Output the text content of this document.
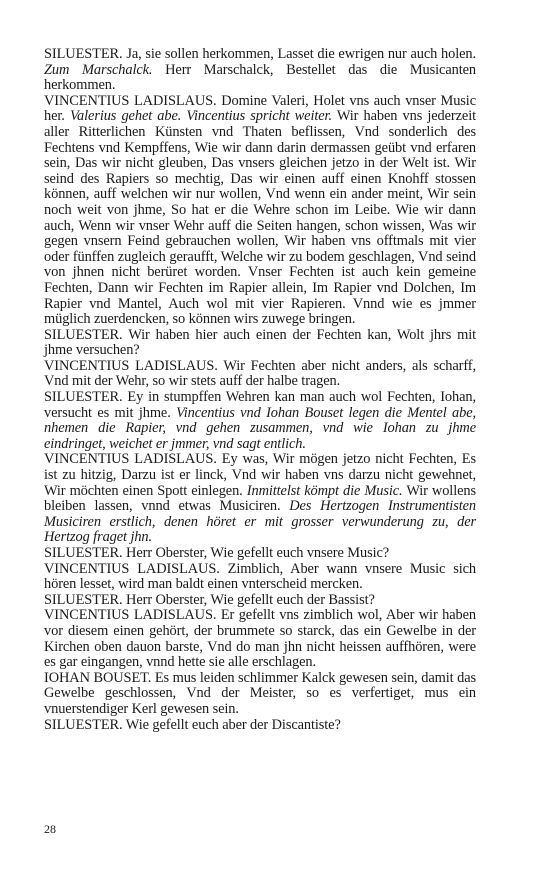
SILUESTER. Ja, sie sollen herkommen, Lasset die ewrigen nur auch holen. Zum Marschalck. Herr Marschalck, Bestellet das die Musicanten herkommen.

VINCENTIUS LADISLAUS. Domine Valeri, Holet vns auch vnser Music her. Valerius gehet abe. Vincentius spricht weiter. Wir haben vns jederzeit aller Ritterlichen Künsten vnd Thaten beflissen, Vnd sonderlich des Fechtens vnd Kempffens, Wie wir dann darin dermassen geübt vnd erfaren sein, Das wir nicht gleuben, Das vnsers gleichen jetzo in der Welt ist. Wir seind des Rapiers so mechtig, Das wir einen auff einen Knohff stossen können, auff welchen wir nur wollen, Vnd wenn ein ander meint, Wir sein noch weit von jhme, So hat er die Wehre schon im Leibe. Wie wir dann auch, Wenn wir vnser Wehr auff die Seiten hangen, schon wissen, Was wir gegen vnsern Feind gebrauchen wollen, Wir haben vns offtmals mit vier oder fünffen zugleich geraufft, Welche wir zu bodem geschlagen, Vnd seind von jhnen nicht berüret worden. Vnser Fechten ist auch kein gemeine Fechten, Dann wir Fechten im Rapier allein, Im Rapier vnd Dolchen, Im Rapier vnd Mantel, Auch wol mit vier Rapieren. Vnnd wie es jmmer müglich zuerdencken, so können wirs zuwege bringen.

SILUESTER. Wir haben hier auch einen der Fechten kan, Wolt jhrs mit jhme versuchen?

VINCENTIUS LADISLAUS. Wir Fechten aber nicht anders, als scharff, Vnd mit der Wehr, so wir stets auff der halbe tragen.

SILUESTER. Ey in stumpffen Wehren kan man auch wol Fechten, Iohan, versucht es mit jhme. Vincentius vnd Iohan Bouset legen die Mentel abe, nhemen die Rapier, vnd gehen zusammen, vnd wie Iohan zu jhme eindringet, weichet er jmmer, vnd sagt entlich.

VINCENTIUS LADISLAUS. Ey was, Wir mögen jetzo nicht Fechten, Es ist zu hitzig, Darzu ist er linck, Vnd wir haben vns darzu nicht gewehnet, Wir möchten einen Spott einlegen. Inmittelst kömpt die Music. Wir wollens bleiben lassen, vnnd etwas Musiciren. Des Hertzogen Instrumentisten Musiciren erstlich, denen höret er mit grosser verwunderung zu, der Hertzog fraget jhn.

SILUESTER. Herr Oberster, Wie gefellt euch vnsere Music?

VINCENTIUS LADISLAUS. Zimblich, Aber wann vnsere Music sich hören lesset, wird man baldt einen vnterscheid mercken.

SILUESTER. Herr Oberster, Wie gefellt euch der Bassist?

VINCENTIUS LADISLAUS. Er gefellt vns zimblich wol, Aber wir haben vor diesem einen gehört, der brummete so starck, das ein Gewelbe in der Kirchen oben dauon barste, Vnd do man jhn nicht heissen auffhören, were es gar eingangen, vnnd hette sie alle erschlagen.

IOHAN BOUSET. Es mus leiden schlimmer Kalck gewesen sein, damit das Gewelbe geschlossen, Vnd der Meister, so es verfertiget, mus ein vnuerstendiger Kerl gewesen sein.

SILUESTER. Wie gefellt euch aber der Discantiste?

28
